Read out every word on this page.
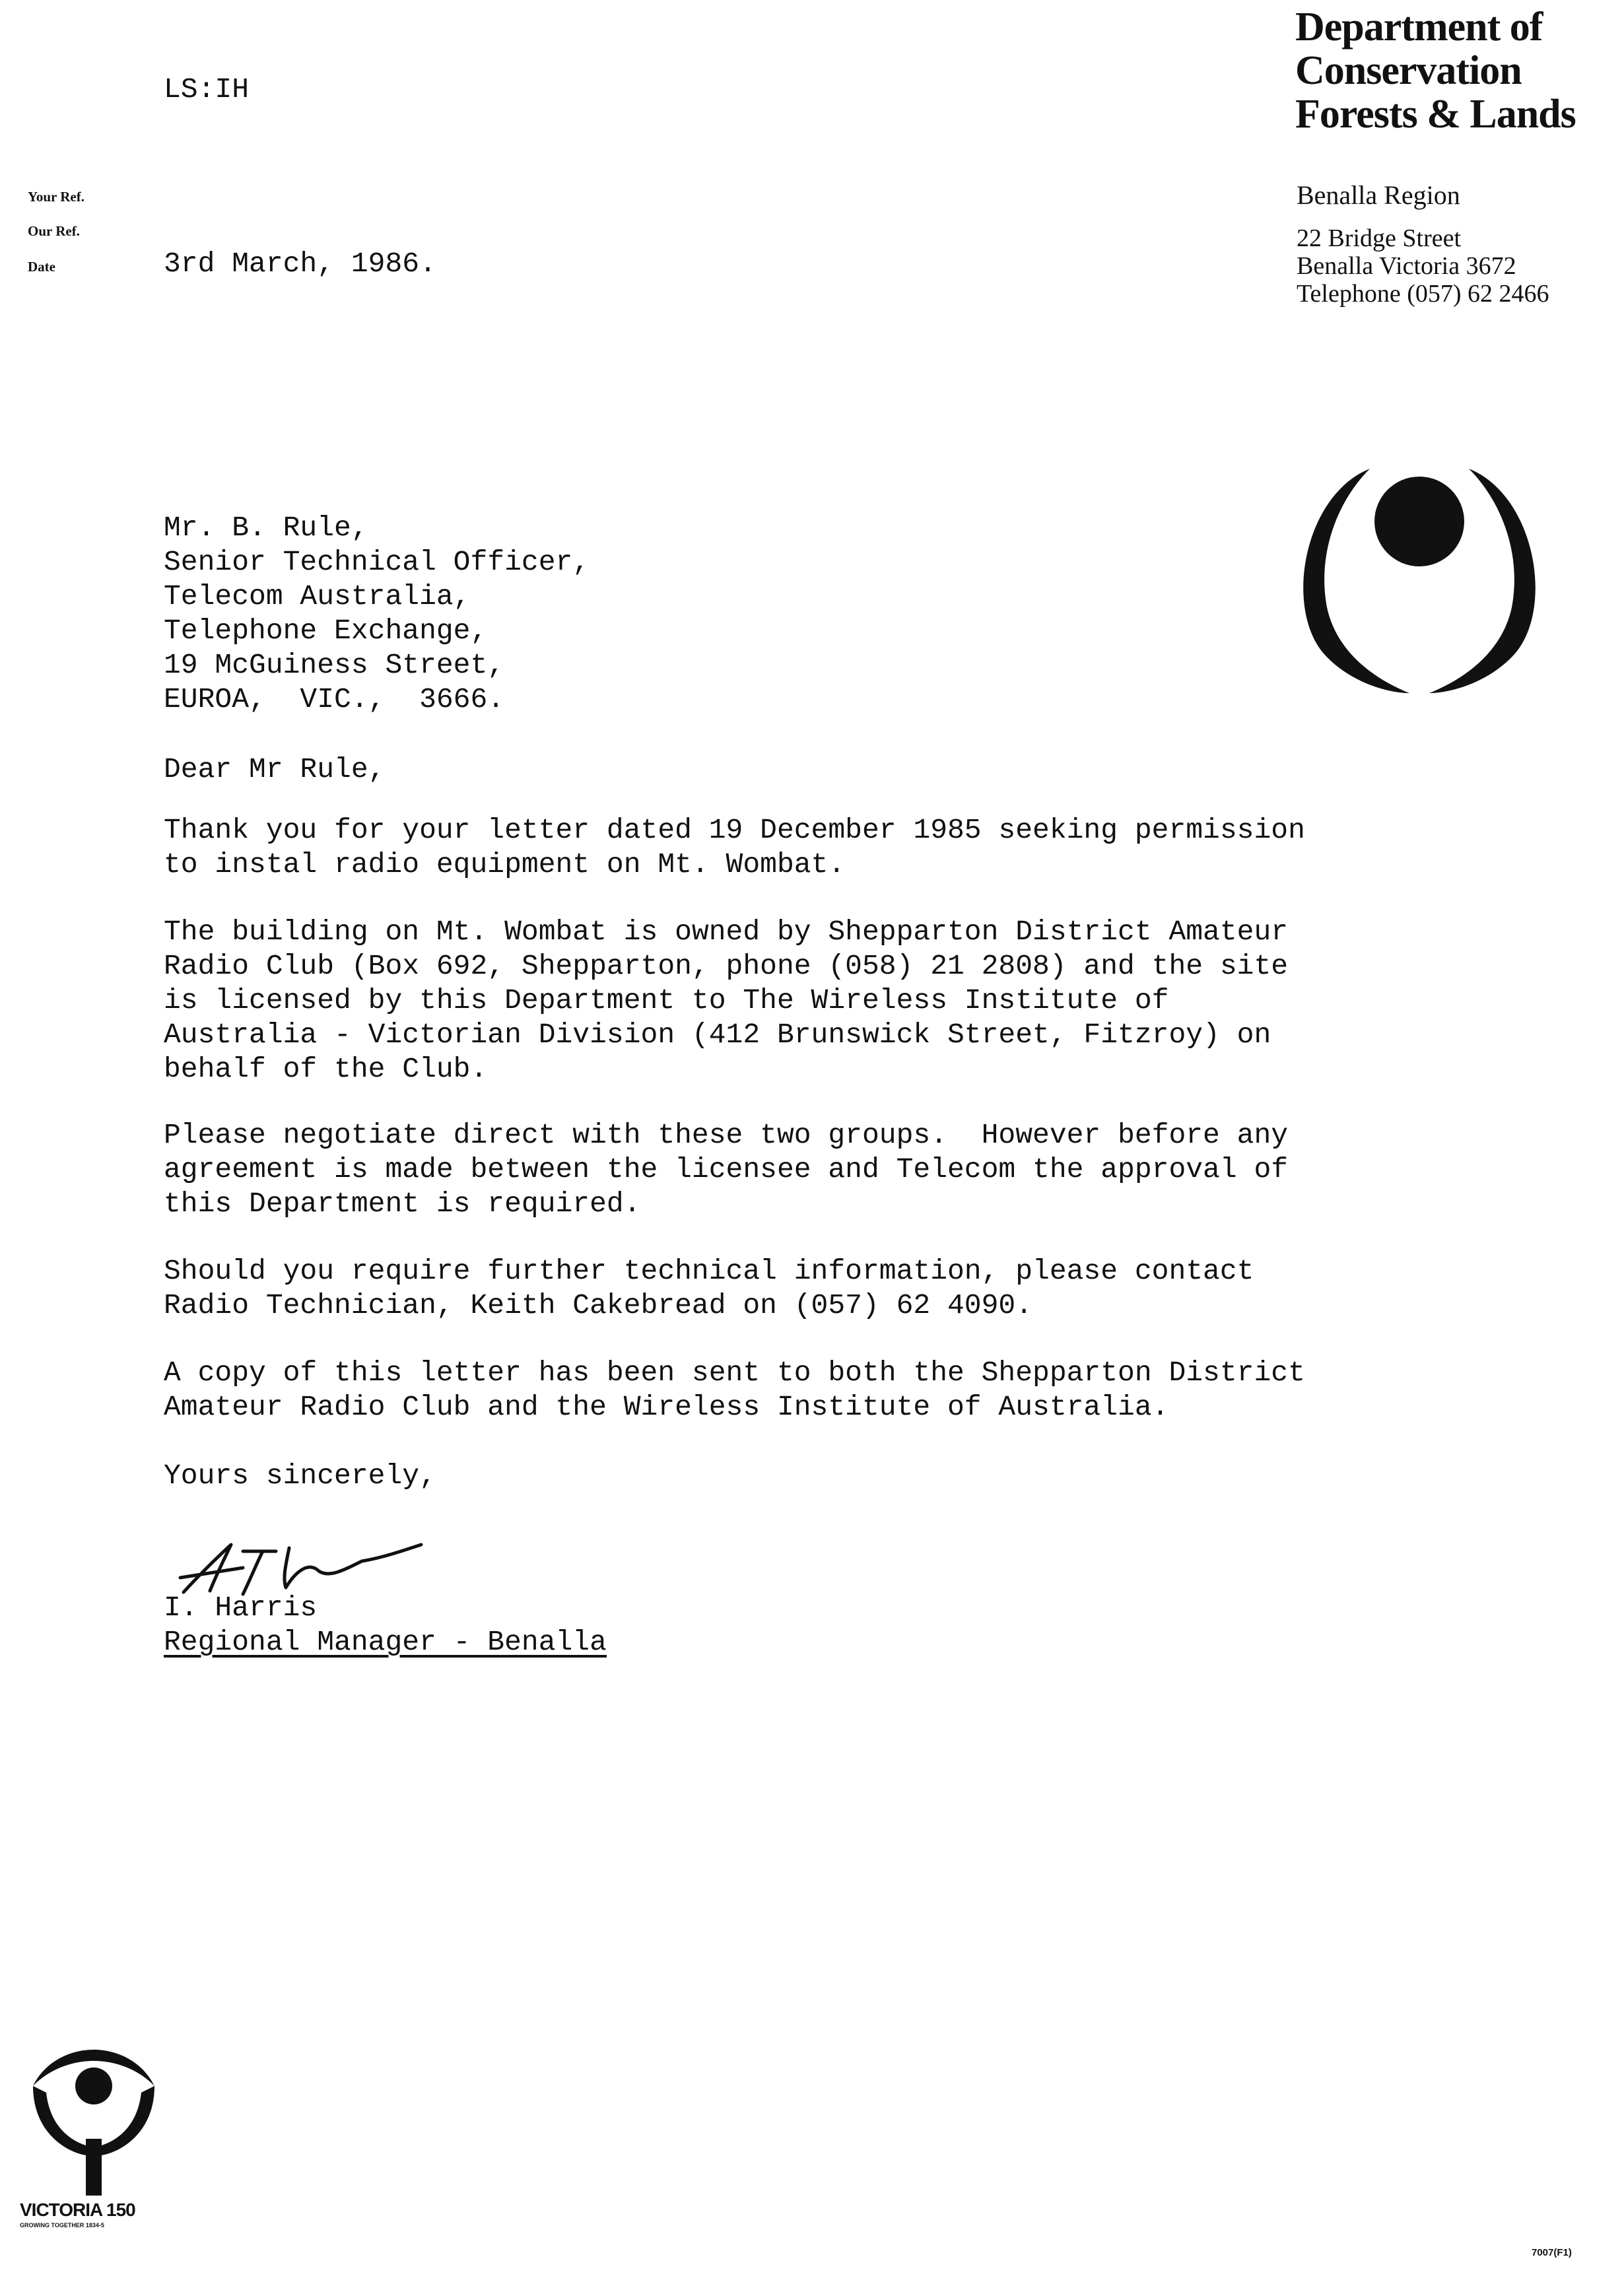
LS:IH
Department of
Conservation
Forests & Lands
Benalla Region
22 Bridge Street
Benalla Victoria 3672
Telephone (057) 62 2466
Your Ref.
Our Ref.
Date	3rd March, 1986.
Mr. B. Rule,
Senior Technical Officer,
Telecom Australia,
Telephone Exchange,
19 McGuiness Street,
EUROA,  VIC.,  3666.
Dear Mr Rule,
Thank you for your letter dated 19 December 1985 seeking permission
to instal radio equipment on Mt. Wombat.
The building on Mt. Wombat is owned by Shepparton District Amateur
Radio Club (Box 692, Shepparton, phone (058) 21 2808) and the site
is licensed by this Department to The Wireless Institute of
Australia - Victorian Division (412 Brunswick Street, Fitzroy) on
behalf of the Club.
Please negotiate direct with these two groups.  However before any
agreement is made between the licensee and Telecom the approval of
this Department is required.
Should you require further technical information, please contact
Radio Technician, Keith Cakebread on (057) 62 4090.
A copy of this letter has been sent to both the Shepparton District
Amateur Radio Club and the Wireless Institute of Australia.
Yours sincerely,
I. Harris
Regional Manager - Benalla
VICTORIA 150
GROWING TOGETHER 1834-5
7007(F1)
